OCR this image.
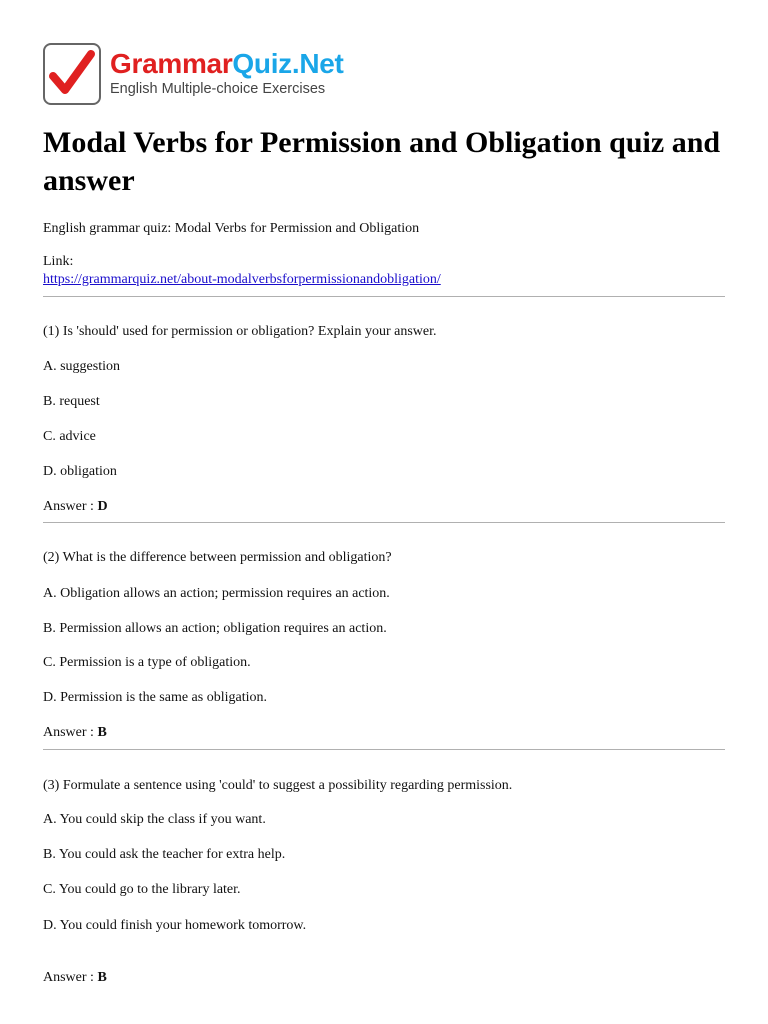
GrammarQuiz.Net
English Multiple-choice Exercises
Modal Verbs for Permission and Obligation quiz and answer
English grammar quiz: Modal Verbs for Permission and Obligation
Link:
https://grammarquiz.net/about-modalverbsforpermissionandobligation/
(1) Is 'should' used for permission or obligation? Explain your answer.
A. suggestion
B. request
C. advice
D. obligation
Answer : D
(2) What is the difference between permission and obligation?
A. Obligation allows an action; permission requires an action.
B. Permission allows an action; obligation requires an action.
C. Permission is a type of obligation.
D. Permission is the same as obligation.
Answer : B
(3) Formulate a sentence using 'could' to suggest a possibility regarding permission.
A. You could skip the class if you want.
B. You could ask the teacher for extra help.
C. You could go to the library later.
D. You could finish your homework tomorrow.
Answer : B
